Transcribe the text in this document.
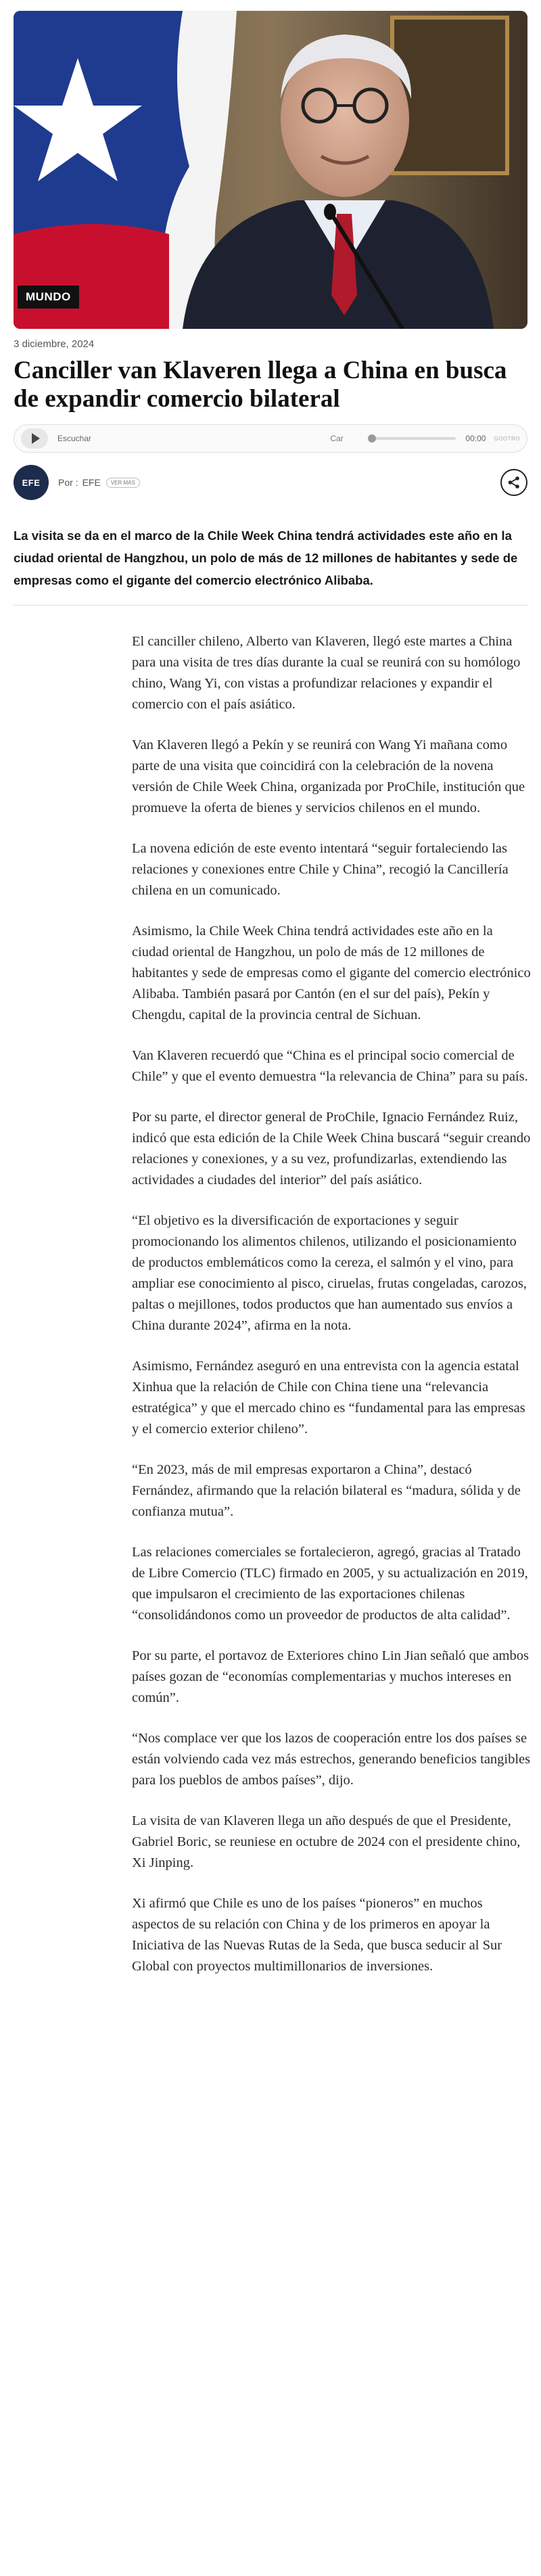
MUNDO
3 diciembre, 2024
Canciller van Klaveren llega a China en busca de expandir comercio bilateral
Escuchar	Car	00:00 GOOTRO
EFE Por : EFE	VER MÁS

La visita se da en el marco de la Chile Week China tendrá actividades este año en la ciudad oriental de Hangzhou, un polo de más de 12 millones de habitantes y sede de empresas como el gigante del comercio electrónico Alibaba.

El canciller chileno, Alberto van Klaveren, llegó este martes a China para una visita de tres días durante la cual se reunirá con su homólogo chino, Wang Yi, con vistas a profundizar relaciones y expandir el comercio con el país asiático.

Van Klaveren llegó a Pekín y se reunirá con Wang Yi mañana como parte de una visita que coincidirá con la celebración de la novena versión de Chile Week China, organizada por ProChile, institución que promueve la oferta de bienes y servicios chilenos en el mundo.

La novena edición de este evento intentará “seguir fortaleciendo las relaciones y conexiones entre Chile y China”, recogió la Cancillería chilena en un comunicado.

Asimismo, la Chile Week China tendrá actividades este año en la ciudad oriental de Hangzhou, un polo de más de 12 millones de habitantes y sede de empresas como el gigante del comercio electrónico Alibaba. También pasará por Cantón (en el sur del país), Pekín y Chengdu, capital de la provincia central de Sichuan.

Van Klaveren recuerdó que “China es el principal socio comercial de Chile” y que el evento demuestra “la relevancia de China” para su país.

Por su parte, el director general de ProChile, Ignacio Fernández Ruiz, indicó que esta edición de la Chile Week China buscará “seguir creando relaciones y conexiones, y a su vez, profundizarlas, extendiendo las actividades a ciudades del interior” del país asiático.

“El objetivo es la diversificación de exportaciones y seguir promocionando los alimentos chilenos, utilizando el posicionamiento de productos emblemáticos como la cereza, el salmón y el vino, para ampliar ese conocimiento al pisco, ciruelas, frutas congeladas, carozos, paltas o mejillones, todos productos que han aumentado sus envíos a China durante 2024”, afirma en la nota.

Asimismo, Fernández aseguró en una entrevista con la agencia estatal Xinhua que la relación de Chile con China tiene una “relevancia estratégica” y que el mercado chino es “fundamental para las empresas y el comercio exterior chileno”.

“En 2023, más de mil empresas exportaron a China”, destacó Fernández, afirmando que la relación bilateral es “madura, sólida y de confianza mutua”.

Las relaciones comerciales se fortalecieron, agregó, gracias al Tratado de Libre Comercio (TLC) firmado en 2005, y su actualización en 2019, que impulsaron el crecimiento de las exportaciones chilenas “consolidándonos como un proveedor de productos de alta calidad”.

Por su parte, el portavoz de Exteriores chino Lin Jian señaló que ambos países gozan de “economías complementarias y muchos intereses en común”.

“Nos complace ver que los lazos de cooperación entre los dos países se están volviendo cada vez más estrechos, generando beneficios tangibles para los pueblos de ambos países”, dijo.

La visita de van Klaveren llega un año después de que el Presidente, Gabriel Boric, se reuniese en octubre de 2024 con el presidente chino, Xi Jinping.

Xi afirmó que Chile es uno de los países “pioneros” en muchos aspectos de su relación con China y de los primeros en apoyar la Iniciativa de las Nuevas Rutas de la Seda, que busca seducir al Sur Global con proyectos multimillonarios de inversiones.
